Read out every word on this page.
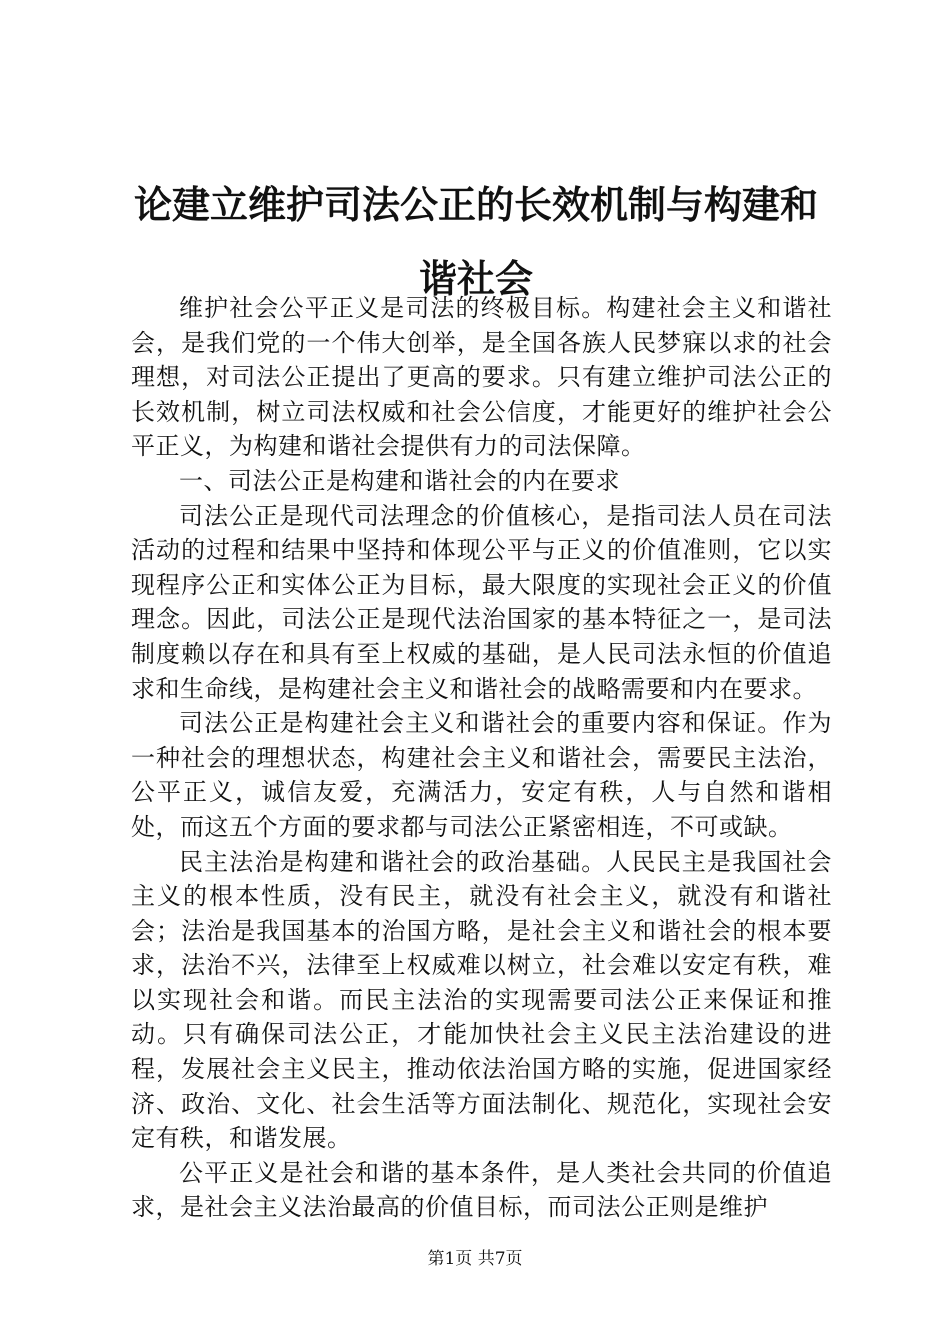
论建立维护司法公正的长效机制与构建和谐社会

维护社会公平正义是司法的终极目标。构建社会主义和谐社会，是我们党的一个伟大创举，是全国各族人民梦寐以求的社会理想，对司法公正提出了更高的要求。只有建立维护司法公正的长效机制，树立司法权威和社会公信度，才能更好的维护社会公平正义，为构建和谐社会提供有力的司法保障。

一、司法公正是构建和谐社会的内在要求

司法公正是现代司法理念的价值核心，是指司法人员在司法活动的过程和结果中坚持和体现公平与正义的价值准则，它以实现程序公正和实体公正为目标，最大限度的实现社会正义的价值理念。因此，司法公正是现代法治国家的基本特征之一，是司法制度赖以存在和具有至上权威的基础，是人民司法永恒的价值追求和生命线，是构建社会主义和谐社会的战略需要和内在要求。

司法公正是构建社会主义和谐社会的重要内容和保证。作为一种社会的理想状态，构建社会主义和谐社会，需要民主法治，公平正义，诚信友爱，充满活力，安定有秩，人与自然和谐相处，而这五个方面的要求都与司法公正紧密相连，不可或缺。

民主法治是构建和谐社会的政治基础。人民民主是我国社会主义的根本性质，没有民主，就没有社会主义，就没有和谐社会；法治是我国基本的治国方略，是社会主义和谐社会的根本要求，法治不兴，法律至上权威难以树立，社会难以安定有秩，难以实现社会和谐。而民主法治的实现需要司法公正来保证和推动。只有确保司法公正，才能加快社会主义民主法治建设的进程，发展社会主义民主，推动依法治国方略的实施，促进国家经济、政治、文化、社会生活等方面法制化、规范化，实现社会安定有秩，和谐发展。

公平正义是社会和谐的基本条件，是人类社会共同的价值追求，是社会主义法治最高的价值目标，而司法公正则是维护

第1页 共7页
